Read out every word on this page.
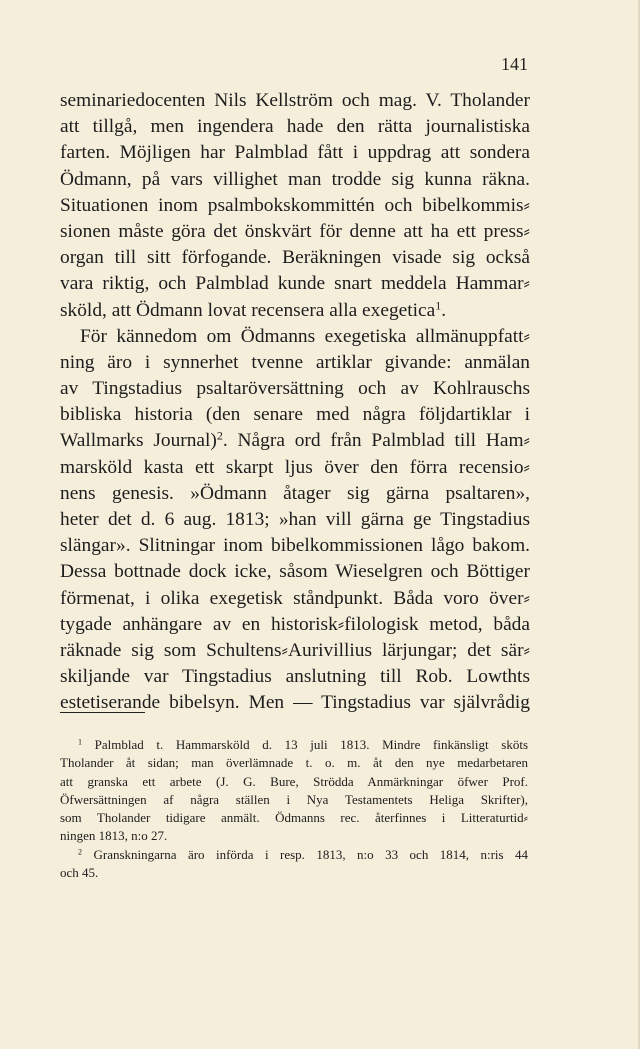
141
seminariedocenten Nils Kellström och mag. V. Tholander
att tillgå, men ingendera hade den rätta journalistiska
farten. Möjligen har Palmblad fått i uppdrag att sondera
Ödmann, på vars villighet man trodde sig kunna räkna.
Situationen inom psalmbokskommittén och bibelkommis⸗
sionen måste göra det önskvärt för denne att ha ett press⸗
organ till sitt förfogande. Beräkningen visade sig också
vara riktig, och Palmblad kunde snart meddela Hammar⸗
sköld, att Ödmann lovat recensera alla exegetica$^1$.
För kännedom om Ödmanns exegetiska allmänuppfatt⸗
ning äro i synnerhet tvenne artiklar givande: anmälan
av Tingstadius psaltaröversättning och av Kohlrauschs
bibliska historia (den senare med några följdartiklar i
Wallmarks Journal)$^2$. Några ord från Palmblad till Ham⸗
marsköld kasta ett skarpt ljus över den förra recensio⸗
nens genesis. »Ödmann åtager sig gärna psaltaren»,
heter det d. 6 aug. 1813; »han vill gärna ge Tingstadius
slängar». Slitningar inom bibelkommissionen lågo bakom.
Dessa bottnade dock icke, såsom Wieselgren och Böttiger
förmenat, i olika exegetisk ståndpunkt. Båda voro över⸗
tygade anhängare av en historisk⸗filologisk metod, båda
räknade sig som Schultens⸗Aurivillius lärjungar; det sär⸗
skiljande var Tingstadius anslutning till Rob. Lowthts
estetiserande bibelsyn. Men — Tingstadius var självrådig
$^1$ Palmblad t. Hammarsköld d. 13 juli 1813. Mindre finkänsligt sköts
Tholander åt sidan; man överlämnade t. o. m. åt den nye medarbetaren
att granska ett arbete (J. G. Bure, Strödda Anmärkningar öfwer Prof.
Öfwersättningen af några ställen i Nya Testamentets Heliga Skrifter),
som Tholander tidigare anmält. Ödmanns rec. återfinnes i Litteraturtid⸗
ningen 1813, n:o 27.
$^2$ Granskningarna äro införda i resp. 1813, n:o 33 och 1814, n:ris 44
och 45.
